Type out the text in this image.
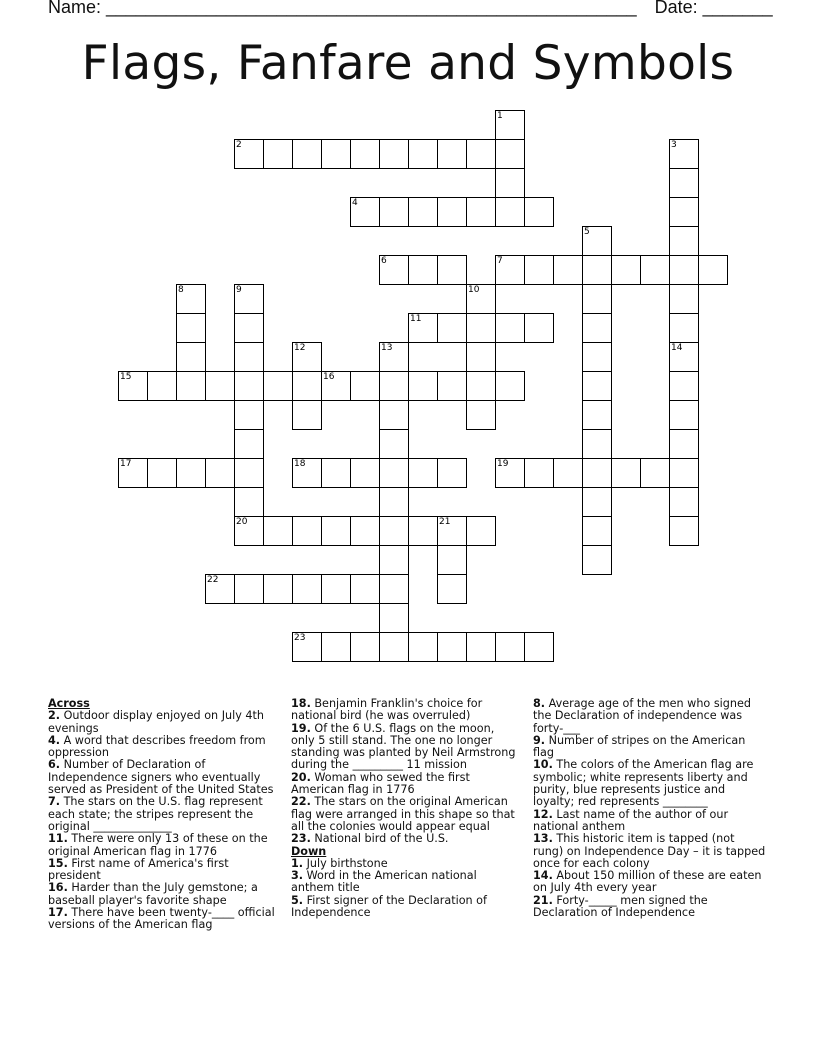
Name: _____________________________________________________ Date: _______
Flags, Fanfare and Symbols
1
2	3
4
5
6	7
8	9	10
11
12	13	14
15	16
17	18	19
20	21
22
23
Across
2. Outdoor display enjoyed on July 4th evenings
4. A word that describes freedom from oppression
6. Number of Declaration of Independence signers who eventually served as President of the United States
7. The stars on the U.S. flag represent each state; the stripes represent the original ______________
11. There were only 13 of these on the original American flag in 1776
15. First name of America's first president
16. Harder than the July gemstone; a baseball player's favorite shape
17. There have been twenty-____ official versions of the American flag
18. Benjamin Franklin's choice for national bird (he was overruled)
19. Of the 6 U.S. flags on the moon, only 5 still stand. The one no longer standing was planted by Neil Armstrong during the _________ 11 mission
20. Woman who sewed the first American flag in 1776
22. The stars on the original American flag were arranged in this shape so that all the colonies would appear equal
23. National bird of the U.S.
Down
1. July birthstone
3. Word in the American national anthem title
5. First signer of the Declaration of Independence
8. Average age of the men who signed the Declaration of independence was forty-___
9. Number of stripes on the American flag
10. The colors of the American flag are symbolic; white represents liberty and purity, blue represents justice and loyalty; red represents ________
12. Last name of the author of our national anthem
13. This historic item is tapped (not rung) on Independence Day – it is tapped once for each colony
14. About 150 million of these are eaten on July 4th every year
21. Forty-_____ men signed the Declaration of Independence
